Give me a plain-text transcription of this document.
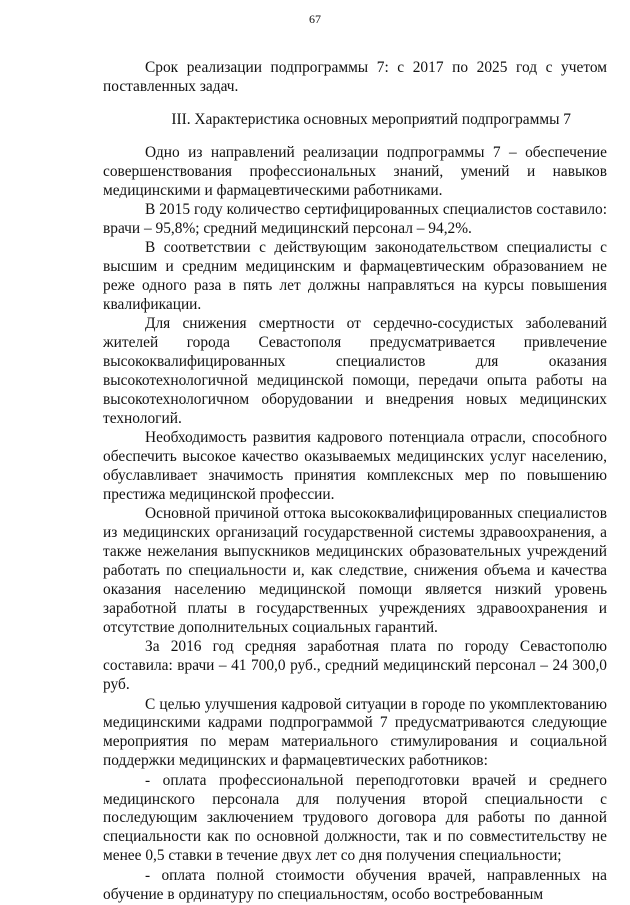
67

Срок реализации подпрограммы 7: с 2017 по 2025 год с учетом поставленных задач.

III. Характеристика основных мероприятий подпрограммы 7

Одно из направлений реализации подпрограммы 7 – обеспечение совершенствования профессиональных знаний, умений и навыков медицинскими и фармацевтическими работниками.

В 2015 году количество сертифицированных специалистов составило: врачи – 95,8%; средний медицинский персонал – 94,2%.

В соответствии с действующим законодательством специалисты с высшим и средним медицинским и фармацевтическим образованием не реже одного раза в пять лет должны направляться на курсы повышения квалификации.

Для снижения смертности от сердечно-сосудистых заболеваний жителей города Севастополя предусматривается привлечение высококвалифицированных специалистов для оказания высокотехнологичной медицинской помощи, передачи опыта работы на высокотехнологичном оборудовании и внедрения новых медицинских технологий.

Необходимость развития кадрового потенциала отрасли, способного обеспечить высокое качество оказываемых медицинских услуг населению, обуславливает значимость принятия комплексных мер по повышению престижа медицинской профессии.

Основной причиной оттока высококвалифицированных специалистов из медицинских организаций государственной системы здравоохранения, а также нежелания выпускников медицинских образовательных учреждений работать по специальности и, как следствие, снижения объема и качества оказания населению медицинской помощи является низкий уровень заработной платы в государственных учреждениях здравоохранения и отсутствие дополнительных социальных гарантий.

За 2016 год средняя заработная плата по городу Севастополю составила: врачи – 41 700,0 руб., средний медицинский персонал – 24 300,0 руб.

С целью улучшения кадровой ситуации в городе по укомплектованию медицинскими кадрами подпрограммой 7 предусматриваются следующие мероприятия по мерам материального стимулирования и социальной поддержки медицинских и фармацевтических работников:

- оплата профессиональной переподготовки врачей и среднего медицинского персонала для получения второй специальности с последующим заключением трудового договора для работы по данной специальности как по основной должности, так и по совместительству не менее 0,5 ставки в течение двух лет со дня получения специальности;

- оплата полной стоимости обучения врачей, направленных на обучение в ординатуру по специальностям, особо востребованным
